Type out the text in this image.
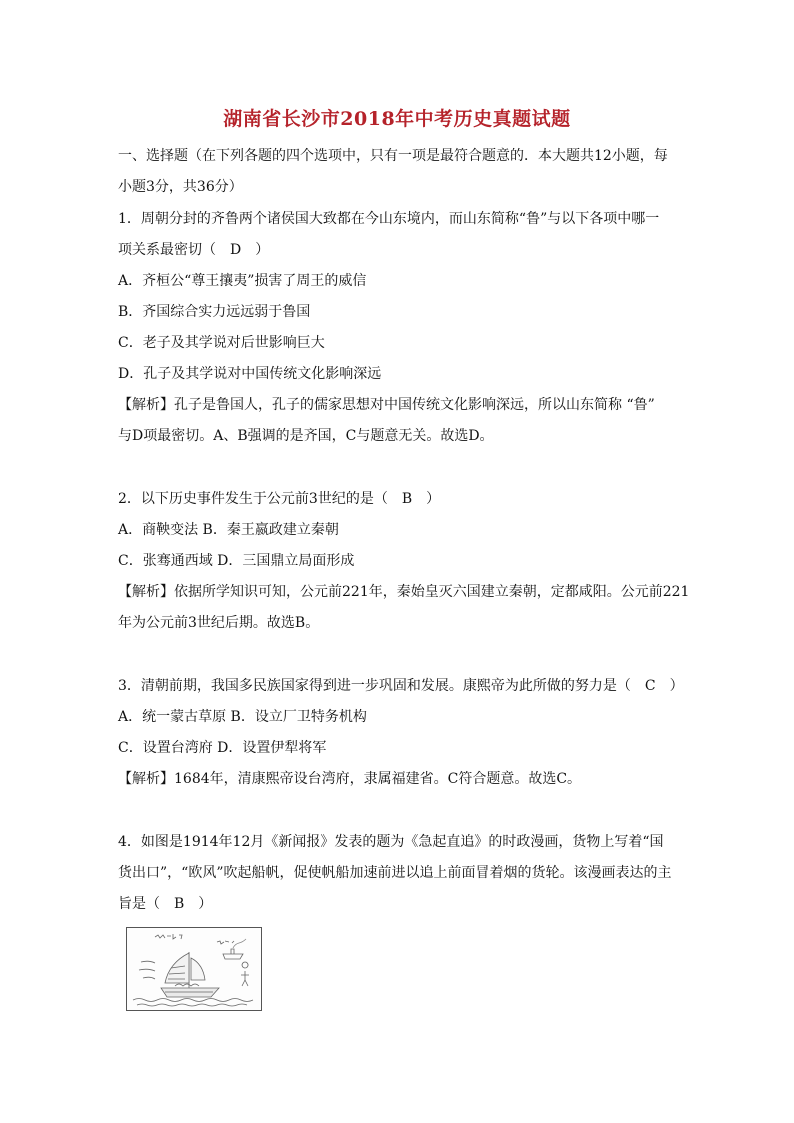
湖南省长沙市2018年中考历史真题试题
一、选择题（在下列各题的四个选项中，只有一项是最符合题意的．本大题共12小题，每
小题3分，共36分）
1．周朝分封的齐鲁两个诸侯国大致都在今山东境内，而山东简称“鲁”与以下各项中哪一
项关系最密切（　D　）
A．齐桓公“尊王攘夷”损害了周王的威信
B．齐国综合实力远远弱于鲁国
C．老子及其学说对后世影响巨大
D．孔子及其学说对中国传统文化影响深远
【解析】孔子是鲁国人，孔子的儒家思想对中国传统文化影响深远，所以山东简称 “鲁”
与D项最密切。A、B强调的是齐国，C与题意无关。故选D。
2．以下历史事件发生于公元前3世纪的是（　B　）
A．商鞅变法 B．秦王嬴政建立秦朝
C．张骞通西域 D．三国鼎立局面形成
【解析】依据所学知识可知，公元前221年，秦始皇灭六国建立秦朝，定都咸阳。公元前221
年为公元前3世纪后期。故选B。
3．清朝前期，我国多民族国家得到进一步巩固和发展。康熙帝为此所做的努力是（　C　）
A．统一蒙古草原 B．设立厂卫特务机构
C．设置台湾府 D．设置伊犁将军
【解析】1684年，清康熙帝设台湾府，隶属福建省。C符合题意。故选C。
4．如图是1914年12月《新闻报》发表的题为《急起直追》的时政漫画，货物上写着“国
货出口”，“欧风”吹起船帆，促使帆船加速前进以追上前面冒着烟的货轮。该漫画表达的主
旨是（　B　）
